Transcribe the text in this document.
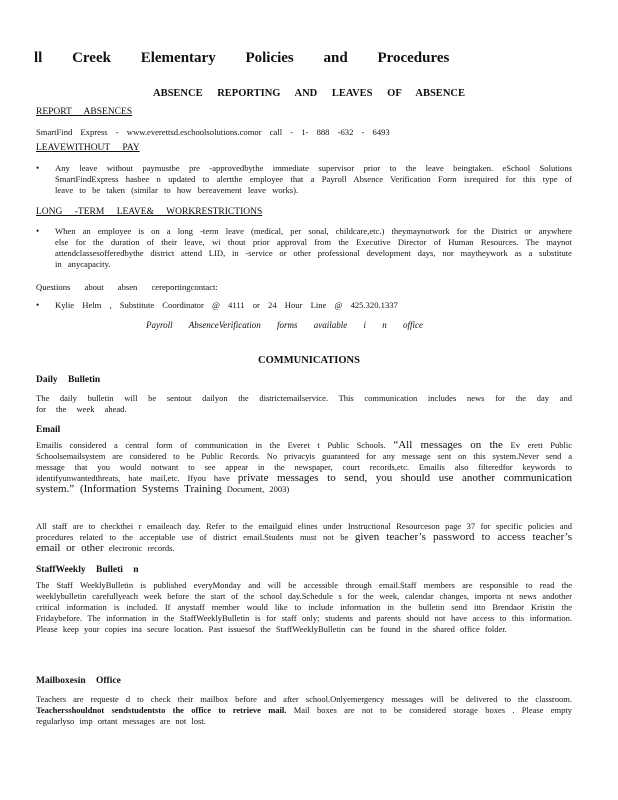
ll Creek Elementary Policies and Procedures
ABSENCE REPORTING AND LEAVES OF ABSENCE
REPORT ABSENCES
SmartFind Express - www.everettsd.eschoolsolutions.comor call - 1- 888 -632 - 6493
LEAVEWITHOUT PAY
• Any leave without paymustbe pre -approvedbythe immediate supervisor prior to the leave beingtaken. eSchool Solutions SmartFindExpress hasbee n updated to alertthe employee that a Payroll Absence Verification Form isrequired for this type of leave to be taken (similar to how bereavement leave works).
LONG -TERM LEAVE& WORKRESTRICTIONS
• When an employee is on a long -term leave (medical, per sonal, childcare,etc.) theymaynotwork for the District or anywhere else for the duration of their leave, wi thout prior approval from the Executive Director of Human Resources. The maynot attendclassesofferedbythe district attend LID, in -service or other professional development days, nor maytheywork as a substitute in anycapacity.
Questions about absen cereportingcontact:
• Kylie Helm , Substitute Coordinator @ 4111 or 24 Hour Line @ 425.320.1337
Payroll AbsenceVerification forms available i n office
COMMUNICATIONS
Daily Bulletin
The daily bulletin will be sentout dailyon the districtemailservice. This communication includes news for the day and for the week ahead.
Email
Emailis considered a central form of communication in the Everet t Public Schools. “All messages on the Ev erett Public Schoolsemailsystem are considered to be Public Records. No privacyis guaranteed for any message sent on this system.Never send a message that you would notwant to see appear in the newspaper, court records,etc. Emailis also filteredfor keywords to identifyunwantedthreats, hate mail,etc. Ifyou have private messages to send, you should use another communication system.” (Information Systems Training Document, 2003)
All staff are to checkthei r emaileach day. Refer to the emailguid elines under Instructional Resourceson page 37 for specific policies and procedures related to the acceptable use of district email.Students must not be given teacher’s password to access teacher’s email or other electronic records.
StaffWeekly Bulleti n
The Staff WeeklyBulletin is published everyMonday and will be accessible through email.Staff members are responsible to read the weeklybulletin carefullyeach week before the start of the school day.Schedule s for the week, calendar changes, importa nt news andother critical information is included. If anystaff member would like to include information in the bulletin send itto Brendaor Kristin the Fridaybefore. The information in the StaffWeeklyBulletin is for staff only; students and parents should not have access to this information. Please keep your copies ina secure location. Past issuesof the StaffWeeklyBulletin can be found in the shared office folder.
Mailboxesin Office
Teachers are requeste d to check their mailbox before and after school.Onlyemergency messages will be delivered to the classroom. Teachersshouldnot sendstudentsto the office to retrieve mail. Mail boxes are not to be considered storage boxes . Please empty regularlyso imp ortant messages are not lost.
